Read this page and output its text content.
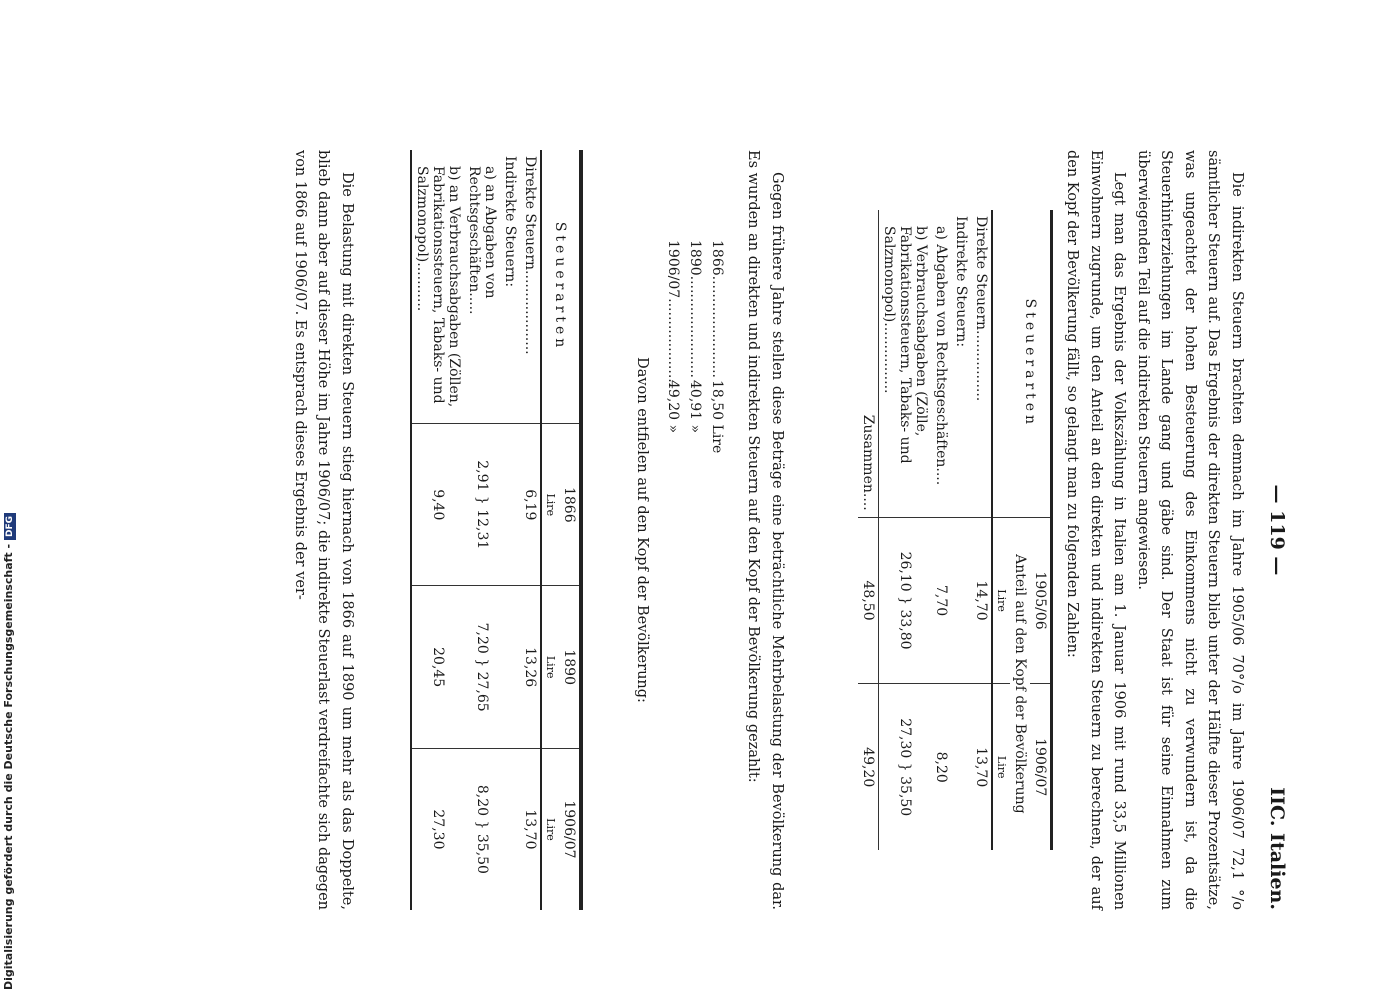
Digitalisierung gefördert durch die Deutsche Forschungsgemeinschaft -DFG	— 119 —
IIC. Italien.

Die indirekten Steuern brachten demnach im Jahre 1905/06 70°/o im Jahre 1906/07 72,1 °/o sämtlicher Steuern auf. Das Ergebnis der direkten Steuern blieb unter der Hälfte dieser Prozentsätze, was ungeachtet der hohen Besteuerung des Einkommens nicht zu verwundern ist, da die Steuerhinterziehungen im Lande gang und gäbe sind. Der Staat ist für seine Einnahmen zum überwiegenden Teil auf die indirekten Steuern angewiesen.

Legt man das Ergebnis der Volkszählung in Italien am 1. Januar 1906 mit rund 33,5 Millionen Einwohnern zugrunde, um den Anteil an den direkten und indirekten Steuern zu berechnen, der auf den Kopf der Bevölkerung fällt, so gelangt man zu folgenden Zahlen:

Steuerarten	1905/06	1906/07
	Anteil auf den Kopf der Bevölkerung	
	Lire	Lire
Direkte Steuern................	14,70	13,70
Indirekte Steuern:		
a) Abgaben von Rechtsgeschäften....	7,70	8,20
b) Verbrauchsabgaben (Zölle, Fabrikationssteuern, Tabaks- und Salzmonopol)................	26,10 } 33,80	27,30 } 35,50
Zusammen....	48,50	49,20

Gegen frühere Jahre stellen diese Beträge eine beträchtliche Mehrbelastung der Bevölkerung dar. Es wurden an direkten und indirekten Steuern auf den Kopf der Bevölkerung gezahlt:

1866.......................
18,50 Lire
1890.......................
40,91 »
1906/07....................
49,20 »

Davon entfielen auf den Kopf der Bevölkerung:

Steuerarten	1866	1890	1906/07
	Lire	Lire	Lire
Direkte Steuern...................	6,19	13,26	13,70
Indirekte Steuern:			
a) an Abgaben von Rechtsgeschäften.....	2,91 } 12,31	7,20 } 27,65	8,20 } 35,50
b) an Verbrauchsabgaben (Zöllen, Fabrikationssteuern, Tabaks- und Salzmonopol)...........	9,40	20,45	27,30

Die Belastung mit direkten Steuern stieg hiernach von 1866 auf 1890 um mehr als das Doppelte, blieb dann aber auf dieser Höhe im Jahre 1906/07; die indirekte Steuerlast verdreifachte sich dagegen von 1866 auf 1906/07. Es entsprach dieses Ergebnis der ver-
